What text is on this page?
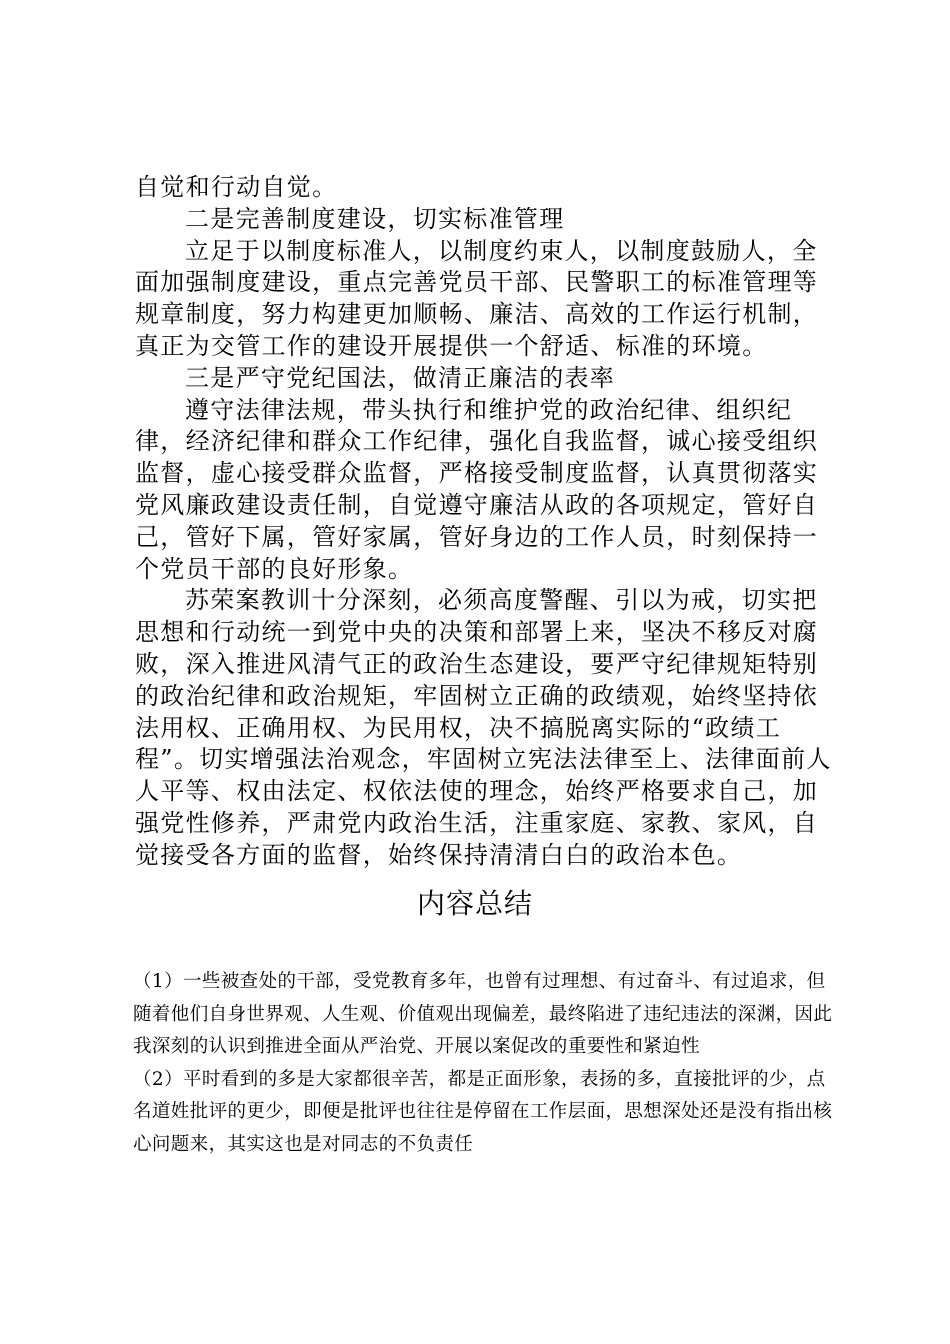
自觉和行动自觉。

二是完善制度建设，切实标准管理

立足于以制度标准人，以制度约束人，以制度鼓励人，全面加强制度建设，重点完善党员干部、民警职工的标准管理等规章制度，努力构建更加顺畅、廉洁、高效的工作运行机制，真正为交管工作的建设开展提供一个舒适、标准的环境。

三是严守党纪国法，做清正廉洁的表率

遵守法律法规，带头执行和维护党的政治纪律、组织纪律，经济纪律和群众工作纪律，强化自我监督，诚心接受组织监督，虚心接受群众监督，严格接受制度监督，认真贯彻落实党风廉政建设责任制，自觉遵守廉洁从政的各项规定，管好自己，管好下属，管好家属，管好身边的工作人员，时刻保持一个党员干部的良好形象。

苏荣案教训十分深刻，必须高度警醒、引以为戒，切实把思想和行动统一到党中央的决策和部署上来，坚决不移反对腐败，深入推进风清气正的政治生态建设，要严守纪律规矩特别的政治纪律和政治规矩，牢固树立正确的政绩观，始终坚持依法用权、正确用权、为民用权，决不搞脱离实际的“政绩工程”。切实增强法治观念，牢固树立宪法法律至上、法律面前人人平等、权由法定、权依法使的理念，始终严格要求自己，加强党性修养，严肃党内政治生活，注重家庭、家教、家风，自觉接受各方面的监督，始终保持清清白白的政治本色。

内容总结

（1）一些被查处的干部，受党教育多年，也曾有过理想、有过奋斗、有过追求，但随着他们自身世界观、人生观、价值观出现偏差，最终陷进了违纪违法的深渊，因此我深刻的认识到推进全面从严治党、开展以案促改的重要性和紧迫性

（2）平时看到的多是大家都很辛苦，都是正面形象，表扬的多，直接批评的少，点名道姓批评的更少，即便是批评也往往是停留在工作层面，思想深处还是没有指出核心问题来，其实这也是对同志的不负责任
